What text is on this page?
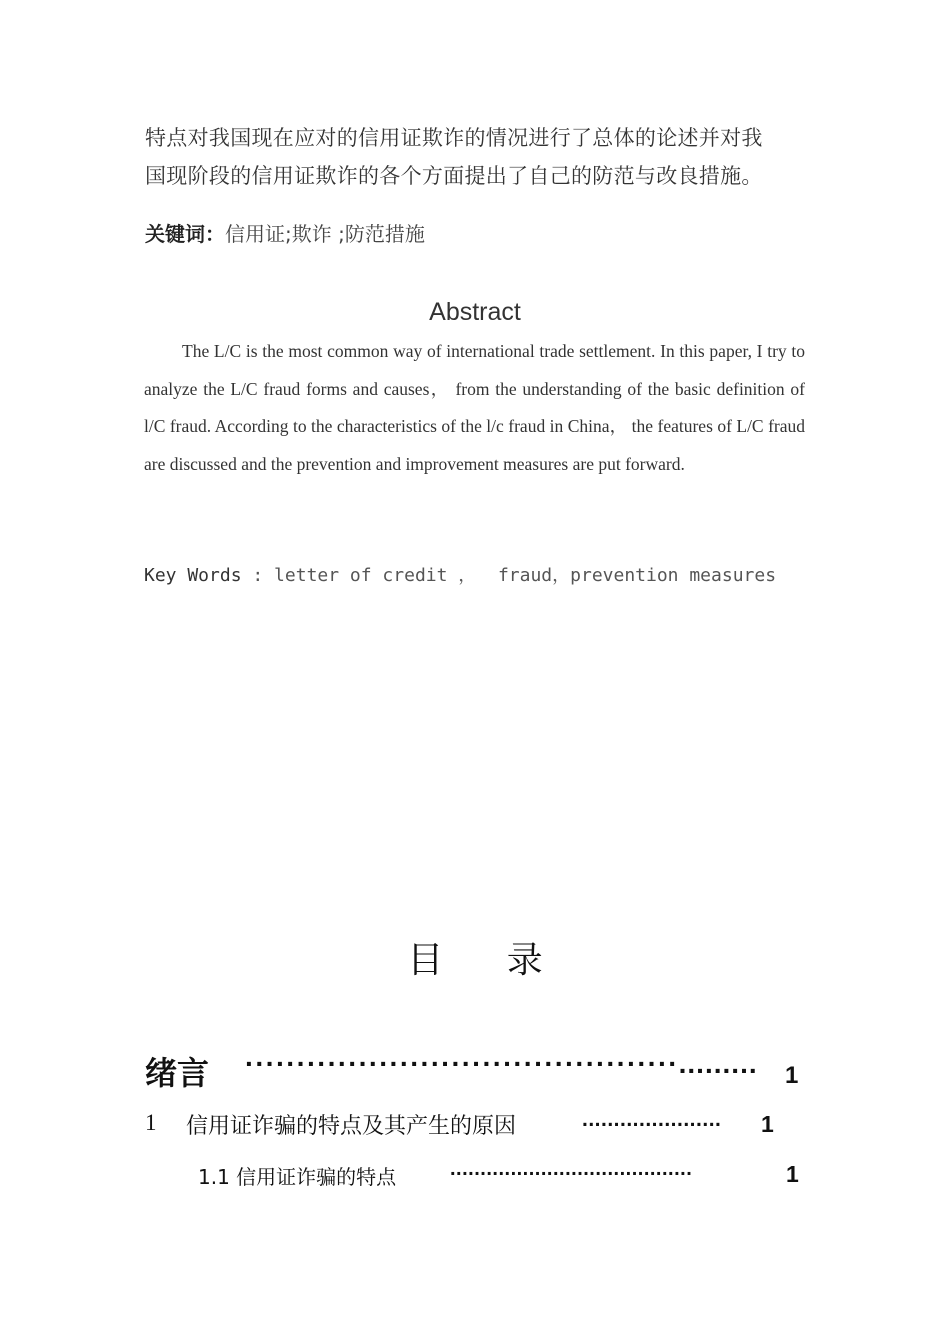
特点对我国现在应对的信用证欺诈的情况进行了总体的论述并对我
国现阶段的信用证欺诈的各个方面提出了自己的防范与改良措施。
关键词：信用证;欺诈 ;防范措施
Abstract
The L/C is the most common way of international trade settlement. In this paper, I try to analyze the L/C fraud forms and causes， from the understanding of the basic definition of l/C fraud. According to the characteristics of the l/c fraud in China， the features of L/C fraud are discussed and the prevention and improvement measures are put forward.
Key Words : letter of credit ，  fraud，prevention measures
目 录
绪言 ··········································......... 1
1 信用证诈骗的特点及其产生的原因	...................... 1
1.1 信用证诈骗的特点	........................................	1
